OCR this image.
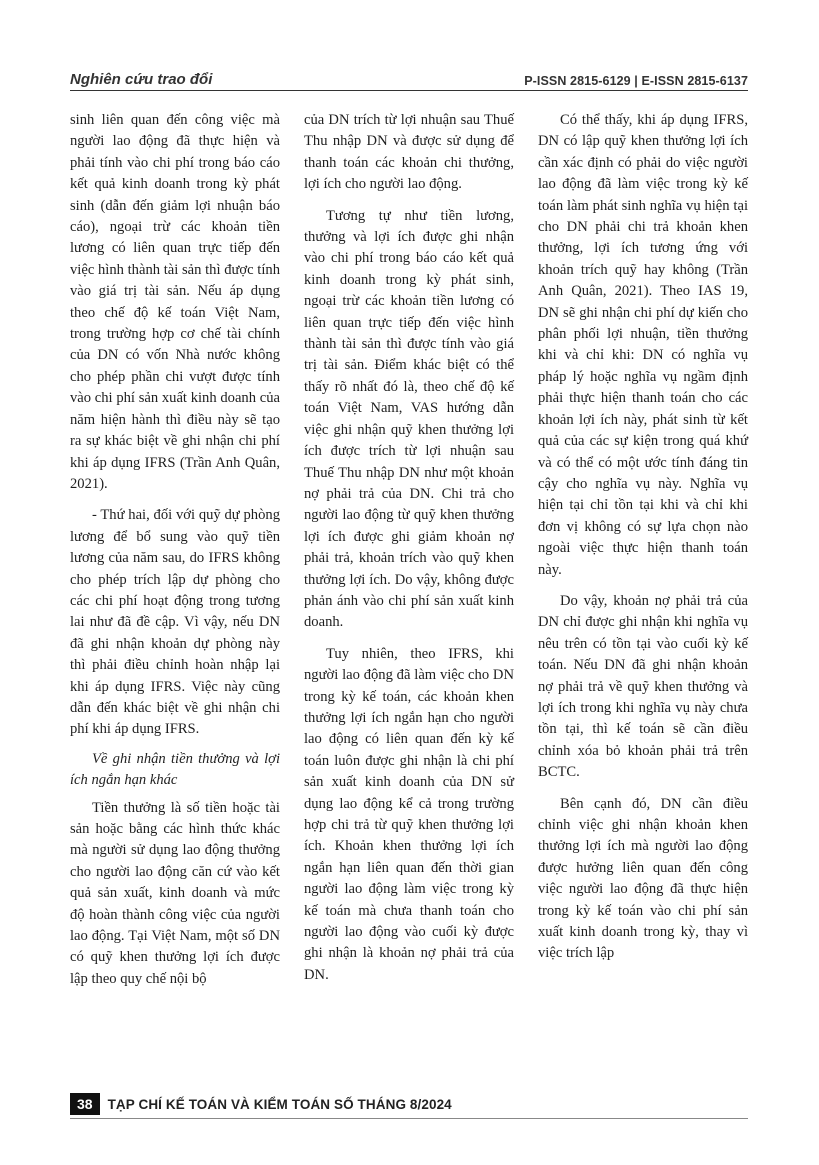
Nghiên cứu trao đổi	P-ISSN 2815-6129 | E-ISSN 2815-6137

sinh liên quan đến công việc mà người lao động đã thực hiện và phải tính vào chi phí trong báo cáo kết quả kinh doanh trong kỳ phát sinh (dẫn đến giảm lợi nhuận báo cáo), ngoại trừ các khoản tiền lương có liên quan trực tiếp đến việc hình thành tài sản thì được tính vào giá trị tài sản. Nếu áp dụng theo chế độ kế toán Việt Nam, trong trường hợp cơ chế tài chính của DN có vốn Nhà nước không cho phép phần chi vượt được tính vào chi phí sản xuất kinh doanh của năm hiện hành thì điều này sẽ tạo ra sự khác biệt về ghi nhận chi phí khi áp dụng IFRS (Trần Anh Quân, 2021).

- Thứ hai, đối với quỹ dự phòng lương để bổ sung vào quỹ tiền lương của năm sau, do IFRS không cho phép trích lập dự phòng cho các chi phí hoạt động trong tương lai như đã đề cập. Vì vậy, nếu DN đã ghi nhận khoản dự phòng này thì phải điều chỉnh hoàn nhập lại khi áp dụng IFRS. Việc này cũng dẫn đến khác biệt về ghi nhận chi phí khi áp dụng IFRS.

Về ghi nhận tiền thưởng và lợi ích ngắn hạn khác

Tiền thưởng là số tiền hoặc tài sản hoặc bằng các hình thức khác mà người sử dụng lao động thưởng cho người lao động căn cứ vào kết quả sản xuất, kinh doanh và mức độ hoàn thành công việc của người lao động. Tại Việt Nam, một số DN có quỹ khen thưởng lợi ích được lập theo quy chế nội bộ

của DN trích từ lợi nhuận sau Thuế Thu nhập DN và được sử dụng để thanh toán các khoản chi thưởng, lợi ích cho người lao động.

Tương tự như tiền lương, thưởng và lợi ích được ghi nhận vào chi phí trong báo cáo kết quả kinh doanh trong kỳ phát sinh, ngoại trừ các khoản tiền lương có liên quan trực tiếp đến việc hình thành tài sản thì được tính vào giá trị tài sản. Điểm khác biệt có thể thấy rõ nhất đó là, theo chế độ kế toán Việt Nam, VAS hướng dẫn việc ghi nhận quỹ khen thưởng lợi ích được trích từ lợi nhuận sau Thuế Thu nhập DN như một khoản nợ phải trả của DN. Chi trả cho người lao động từ quỹ khen thưởng lợi ích được ghi giảm khoản nợ phải trả, khoản trích vào quỹ khen thưởng lợi ích. Do vậy, không được phản ánh vào chi phí sản xuất kinh doanh.

Tuy nhiên, theo IFRS, khi người lao động đã làm việc cho DN trong kỳ kế toán, các khoản khen thưởng lợi ích ngắn hạn cho người lao động có liên quan đến kỳ kế toán luôn được ghi nhận là chi phí sản xuất kinh doanh của DN sử dụng lao động kể cả trong trường hợp chi trả từ quỹ khen thưởng lợi ích. Khoản khen thưởng lợi ích ngắn hạn liên quan đến thời gian người lao động làm việc trong kỳ kế toán mà chưa thanh toán cho người lao động vào cuối kỳ được ghi nhận là khoản nợ phải trả của DN.

Có thể thấy, khi áp dụng IFRS, DN có lập quỹ khen thưởng lợi ích cần xác định có phải do việc người lao động đã làm việc trong kỳ kế toán làm phát sinh nghĩa vụ hiện tại cho DN phải chi trả khoản khen thưởng, lợi ích tương ứng với khoản trích quỹ hay không (Trần Anh Quân, 2021). Theo IAS 19, DN sẽ ghi nhận chi phí dự kiến cho phân phối lợi nhuận, tiền thưởng khi và chỉ khi: DN có nghĩa vụ pháp lý hoặc nghĩa vụ ngầm định phải thực hiện thanh toán cho các khoản lợi ích này, phát sinh từ kết quả của các sự kiện trong quá khứ và có thể có một ước tính đáng tin cậy cho nghĩa vụ này. Nghĩa vụ hiện tại chỉ tồn tại khi và chỉ khi đơn vị không có sự lựa chọn nào ngoài việc thực hiện thanh toán này.

Do vậy, khoản nợ phải trả của DN chỉ được ghi nhận khi nghĩa vụ nêu trên có tồn tại vào cuối kỳ kế toán. Nếu DN đã ghi nhận khoản nợ phải trả về quỹ khen thưởng và lợi ích trong khi nghĩa vụ này chưa tồn tại, thì kế toán sẽ cần điều chỉnh xóa bỏ khoản phải trả trên BCTC.

Bên cạnh đó, DN cần điều chỉnh việc ghi nhận khoản khen thưởng lợi ích mà người lao động được hưởng liên quan đến công việc người lao động đã thực hiện trong kỳ kế toán vào chi phí sản xuất kinh doanh trong kỳ, thay vì việc trích lập

38	TẠP CHÍ KẾ TOÁN VÀ KIỂM TOÁN SỐ THÁNG 8/2024
